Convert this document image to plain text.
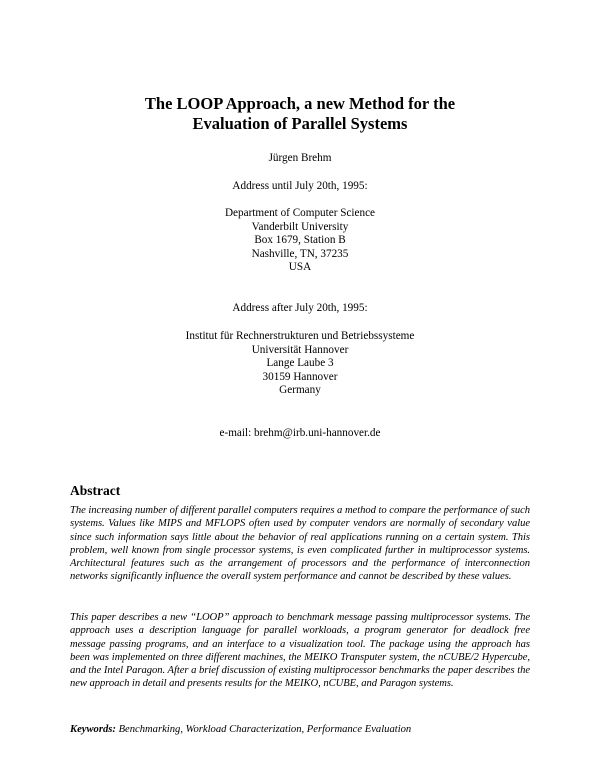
The LOOP Approach, a new Method for the
Evaluation of Parallel Systems
Jürgen Brehm
Address until July 20th, 1995:
Department of Computer Science
Vanderbilt University
Box 1679, Station B
Nashville, TN, 37235
USA
Address after July 20th, 1995:
Institut für Rechnerstrukturen und Betriebssysteme
Universität Hannover
Lange Laube 3
30159 Hannover
Germany
e-mail: brehm@irb.uni-hannover.de
Abstract
The increasing number of different parallel computers requires a method to compare the performance of such systems. Values like MIPS and MFLOPS often used by computer vendors are normally of secondary value since such information says little about the behavior of real applications running on a certain system. This problem, well known from single processor systems, is even complicated further in multiprocessor systems. Architectural features such as the arrangement of processors and the performance of interconnection networks significantly influence the overall system performance and cannot be described by these values.
This paper describes a new “LOOP” approach to benchmark message passing multiprocessor systems. The approach uses a description language for parallel workloads, a program generator for deadlock free message passing programs, and an interface to a visualization tool. The package using the approach has been was implemented on three different machines, the MEIKO Transputer system, the nCUBE/2 Hypercube, and the Intel Paragon. After a brief discussion of existing multiprocessor benchmarks the paper describes the new approach in detail and presents results for the MEIKO, nCUBE, and Paragon systems.
Keywords: Benchmarking, Workload Characterization, Performance Evaluation
